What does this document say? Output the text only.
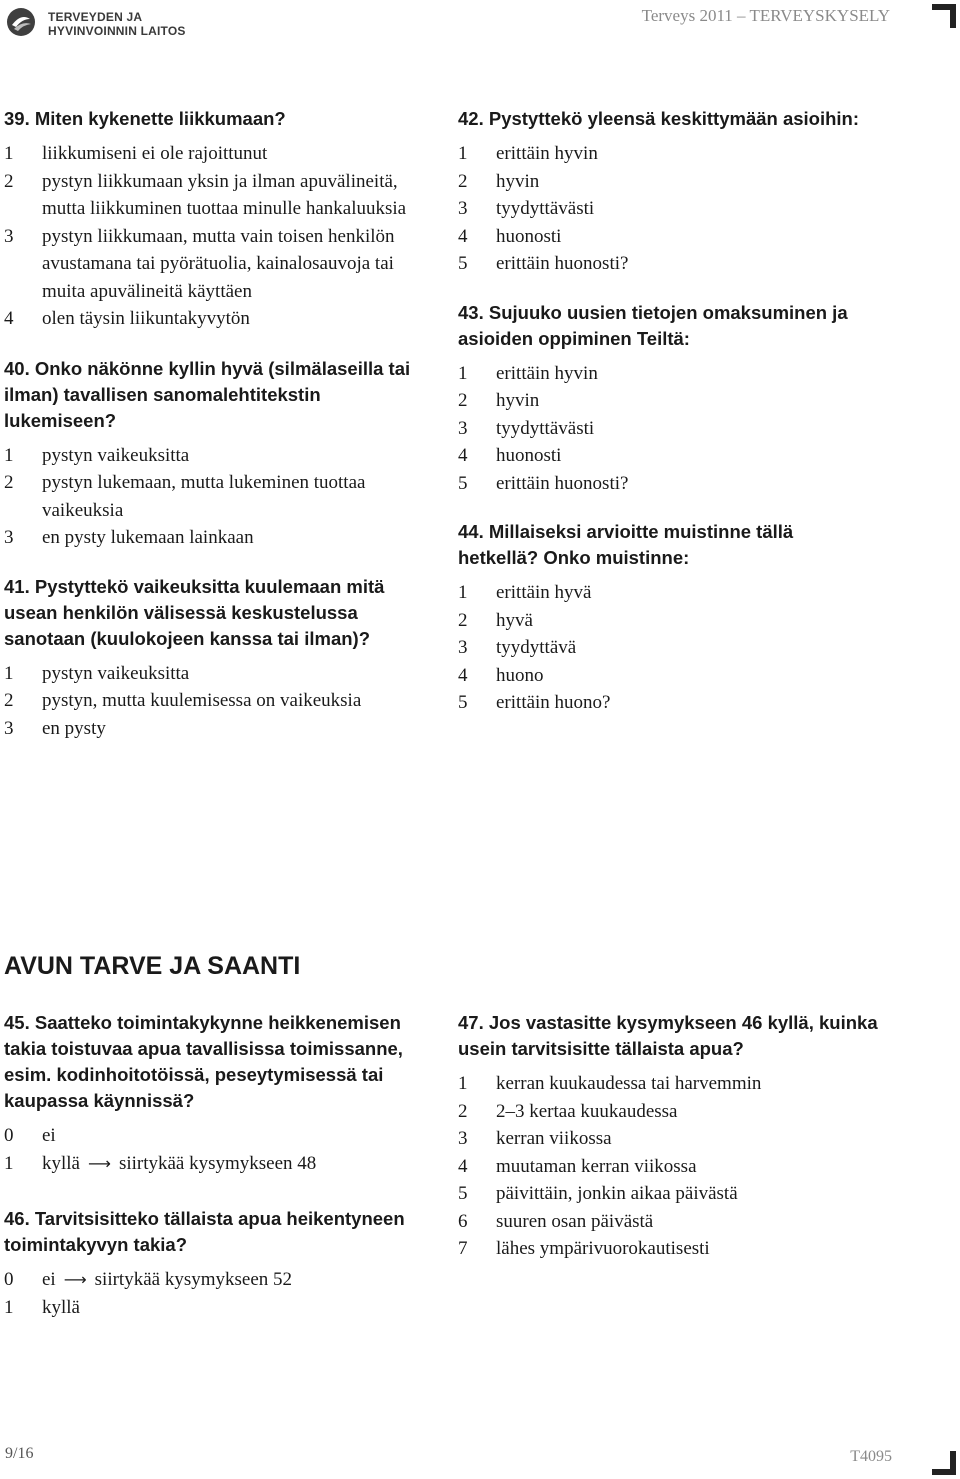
TERVEYDEN JA
HYVINVOINNIN LAITOS
Terveys 2011 – TERVEYSKYSELY

39. Miten kykenette liikkumaan?

1	liikkumiseni ei ole rajoittunut
2	pystyn liikkumaan yksin ja ilman apuvälineitä, mutta liikkuminen tuottaa minulle hankaluuksia
3	pystyn liikkumaan, mutta vain toisen henkilön avustamana tai pyörätuolia, kainalosauvoja tai muita apuvälineitä käyttäen
4	olen täysin liikuntakyvytön

40. Onko näkönne kyllin hyvä (silmälaseilla tai ilman) tavallisen sanomalehtitekstin lukemiseen?

1	pystyn vaikeuksitta
2	pystyn lukemaan, mutta lukeminen tuottaa vaikeuksia
3	en pysty lukemaan lainkaan

41. Pystyttekö vaikeuksitta kuulemaan mitä usean henkilön välisessä keskustelussa sanotaan (kuulokojeen kanssa tai ilman)?

1	pystyn vaikeuksitta
2	pystyn, mutta kuulemisessa on vaikeuksia
3	en pysty

42. Pystyttekö yleensä keskittymään asioihin:

1	erittäin hyvin
2	hyvin
3	tyydyttävästi
4	huonosti
5	erittäin huonosti?

43. Sujuuko uusien tietojen omaksuminen ja asioiden oppiminen Teiltä:

1	erittäin hyvin
2	hyvin
3	tyydyttävästi
4	huonosti
5	erittäin huonosti?

44. Millaiseksi arvioitte muistinne tällä hetkellä? Onko muistinne:

1	erittäin hyvä
2	hyvä
3	tyydyttävä
4	huono
5	erittäin huono?
AVUN TARVE JA SAANTI

45. Saatteko toimintakykynne heikkenemisen takia toistuvaa apua tavallisissa toimissanne, esim. kodinhoitotöissä, peseytymisessä tai kaupassa käynnissä?

0	ei
1	kyllä ⟶ siirtykää kysymykseen 48

46. Tarvitsisitteko tällaista apua heikentyneen toimintakyvyn takia?

0	ei ⟶ siirtykää kysymykseen 52
1	kyllä

47. Jos vastasitte kysymykseen 46 kyllä, kuinka usein tarvitsisitte tällaista apua?

1	kerran kuukaudessa tai harvemmin
2	2–3 kertaa kuukaudessa
3	kerran viikossa
4	muutaman kerran viikossa
5	päivittäin, jonkin aikaa päivästä
6	suuren osan päivästä
7	lähes ympärivuorokautisesti
9/16	T4095
